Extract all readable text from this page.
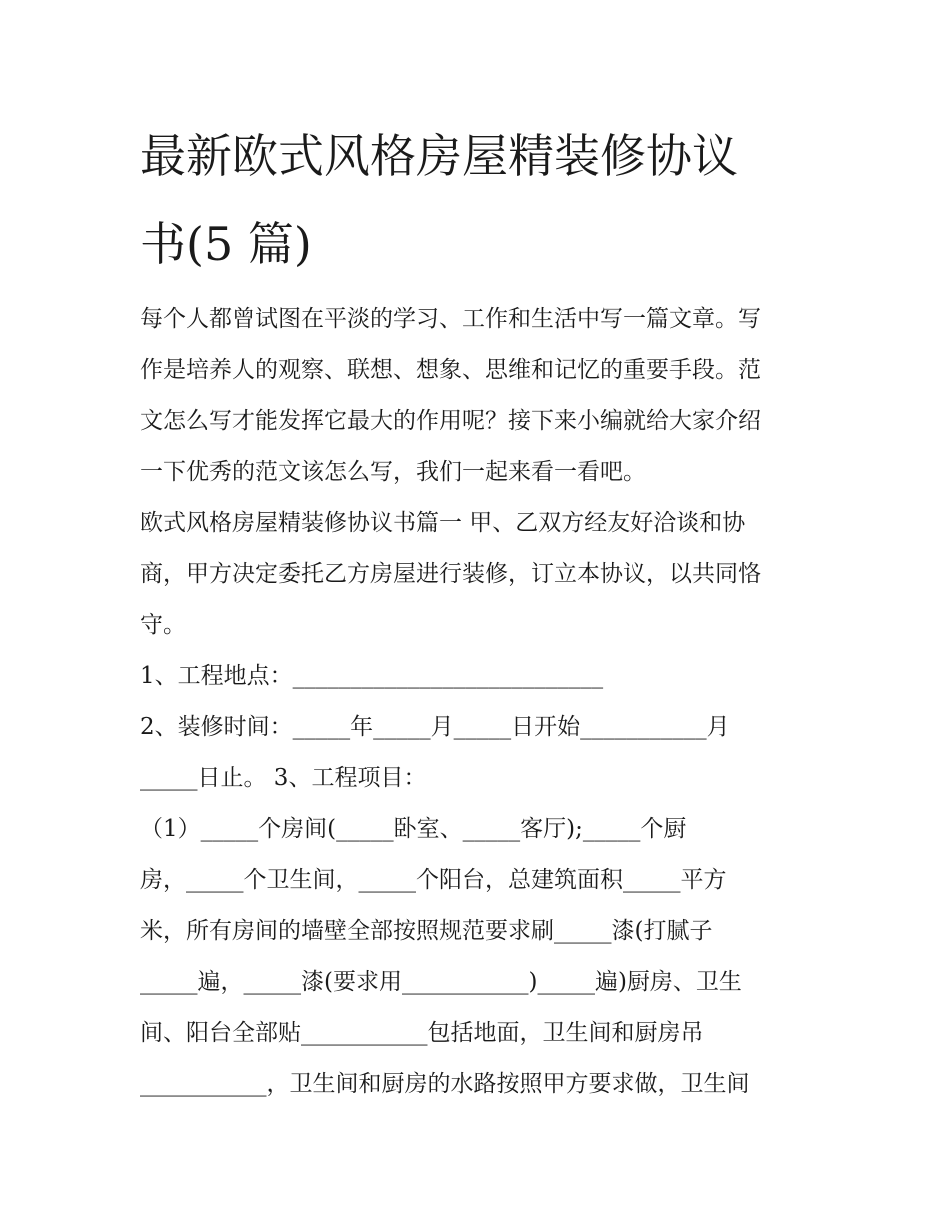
最新欧式风格房屋精装修协议
书(5 篇)

每个人都曾试图在平淡的学习、工作和生活中写一篇文章。写

作是培养人的观察、联想、想象、思维和记忆的重要手段。范

文怎么写才能发挥它最大的作用呢？接下来小编就给大家介绍

一下优秀的范文该怎么写，我们一起来看一看吧。

欧式风格房屋精装修协议书篇一 甲、乙双方经友好洽谈和协

商，甲方决定委托乙方房屋进行装修，订立本协议，以共同恪

守。

1、工程地点：___________________________

2、装修时间：_____年_____月_____日开始___________月

_____日止。 3、工程项目：

（1）_____个房间(_____卧室、_____客厅);_____个厨

房，_____个卫生间，_____个阳台，总建筑面积_____平方

米，所有房间的墙壁全部按照规范要求刷_____漆(打腻子

_____遍，_____漆(要求用___________)_____遍)厨房、卫生

间、阳台全部贴___________包括地面，卫生间和厨房吊

___________，卫生间和厨房的水路按照甲方要求做，卫生间
